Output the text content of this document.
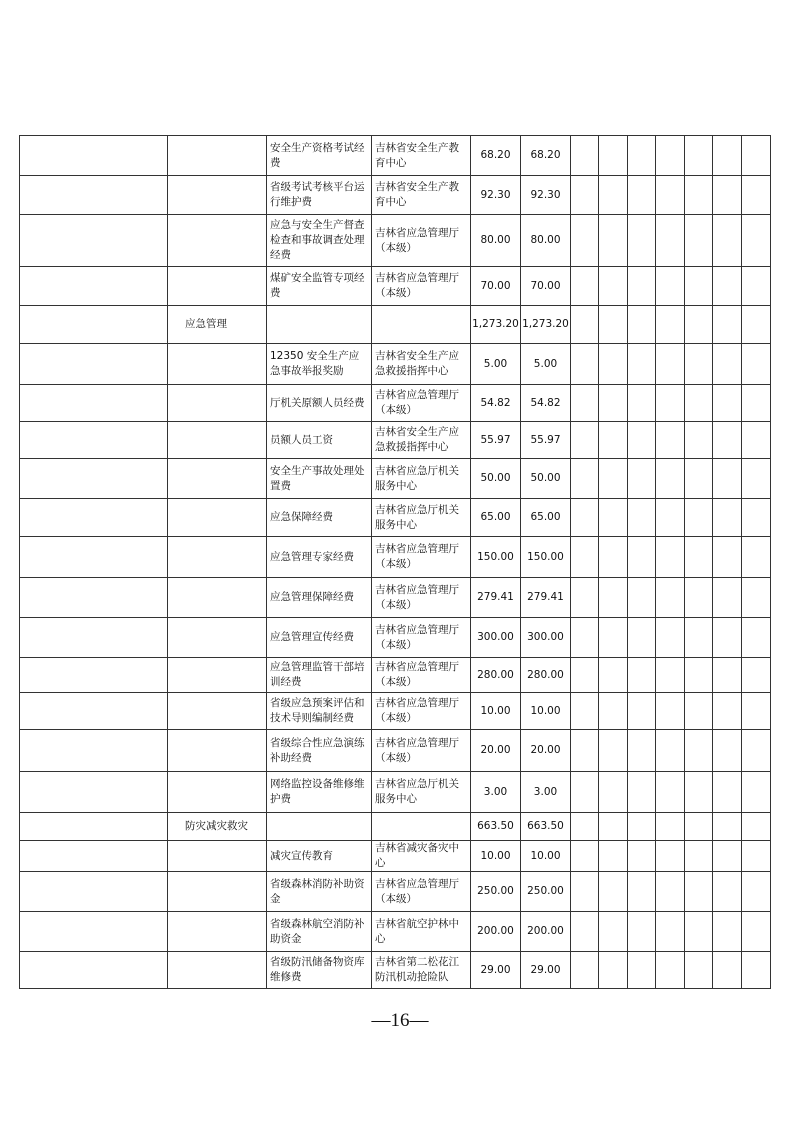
		安全生产资格考试经费	吉林省安全生产教育中心	68.20	68.20							
		省级考试考核平台运行维护费	吉林省安全生产教育中心	92.30	92.30							
		应急与安全生产督查检查和事故调查处理经费	吉林省应急管理厅（本级）	80.00	80.00							
		煤矿安全监管专项经费	吉林省应急管理厅（本级）	70.00	70.00							
	应急管理			1,273.20	1,273.20							
		12350 安全生产应急事故举报奖励	吉林省安全生产应急救援指挥中心	5.00	5.00							
		厅机关原额人员经费	吉林省应急管理厅（本级）	54.82	54.82							
		员额人员工资	吉林省安全生产应急救援指挥中心	55.97	55.97							
		安全生产事故处理处置费	吉林省应急厅机关服务中心	50.00	50.00							
		应急保障经费	吉林省应急厅机关服务中心	65.00	65.00							
		应急管理专家经费	吉林省应急管理厅（本级）	150.00	150.00							
		应急管理保障经费	吉林省应急管理厅（本级）	279.41	279.41							
		应急管理宣传经费	吉林省应急管理厅（本级）	300.00	300.00							
		应急管理监管干部培训经费	吉林省应急管理厅（本级）	280.00	280.00							
		省级应急预案评估和技术导则编制经费	吉林省应急管理厅（本级）	10.00	10.00							
		省级综合性应急演练补助经费	吉林省应急管理厅（本级）	20.00	20.00							
		网络监控设备维修维护费	吉林省应急厅机关服务中心	3.00	3.00							
	防灾减灾救灾			663.50	663.50							
		减灾宣传教育	吉林省减灾备灾中心	10.00	10.00							
		省级森林消防补助资金	吉林省应急管理厅（本级）	250.00	250.00							
		省级森林航空消防补助资金	吉林省航空护林中心	200.00	200.00							
		省级防汛储备物资库维修费	吉林省第二松花江防汛机动抢险队	29.00	29.00							
—16—
